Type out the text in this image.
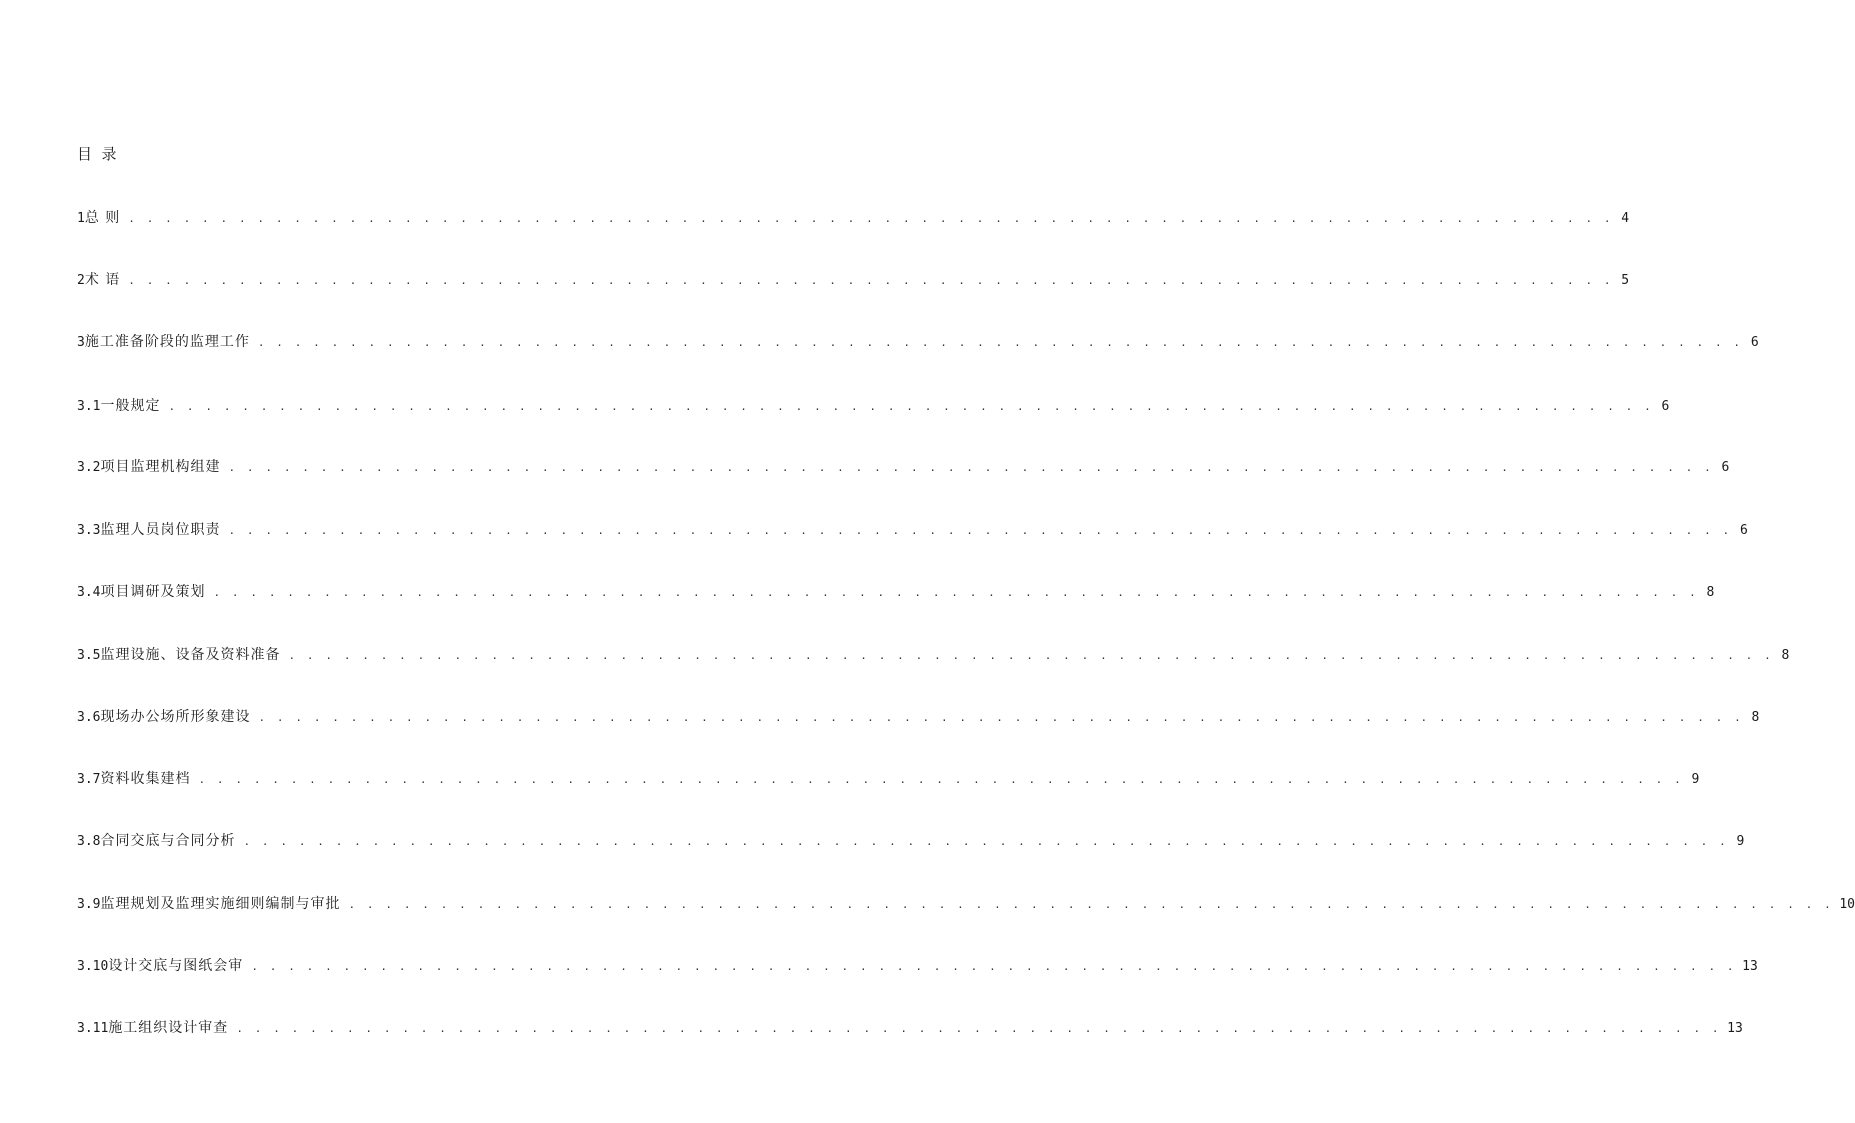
目  录
1 总 则 . . . . . . . . . . . . . . . . . . . . . . . . . . . . . . . . . . . . . . . . . . . . . . . . . . . . . . . . . . . . . . . . . . . . . . . . . . . . . . . . . 4
2 术 语 . . . . . . . . . . . . . . . . . . . . . . . . . . . . . . . . . . . . . . . . . . . . . . . . . . . . . . . . . . . . . . . . . . . . . . . . . . . . . . . . . 5
3 施工准备阶段的监理工作 . . . . . . . . . . . . . . . . . . . . . . . . . . . . . . . . . . . . . . . . . . . . . . . . . . . . . . . . . . . . . . . . . . . . . . . . . . . . . . . . . 6
3.1 一般规定 . . . . . . . . . . . . . . . . . . . . . . . . . . . . . . . . . . . . . . . . . . . . . . . . . . . . . . . . . . . . . . . . . . . . . . . . . . . . . . . . . 6
3.2 项目监理机构组建 . . . . . . . . . . . . . . . . . . . . . . . . . . . . . . . . . . . . . . . . . . . . . . . . . . . . . . . . . . . . . . . . . . . . . . . . . . . . . . . . . 6
3.3 监理人员岗位职责 . . . . . . . . . . . . . . . . . . . . . . . . . . . . . . . . . . . . . . . . . . . . . . . . . . . . . . . . . . . . . . . . . . . . . . . . . . . . . . . . . . 6
3.4 项目调研及策划 . . . . . . . . . . . . . . . . . . . . . . . . . . . . . . . . . . . . . . . . . . . . . . . . . . . . . . . . . . . . . . . . . . . . . . . . . . . . . . . . . 8
3.5 监理设施、设备及资料准备 . . . . . . . . . . . . . . . . . . . . . . . . . . . . . . . . . . . . . . . . . . . . . . . . . . . . . . . . . . . . . . . . . . . . . . . . . . . . . . . . . 8
3.6 现场办公场所形象建设 . . . . . . . . . . . . . . . . . . . . . . . . . . . . . . . . . . . . . . . . . . . . . . . . . . . . . . . . . . . . . . . . . . . . . . . . . . . . . . . . . 8
3.7 资料收集建档 . . . . . . . . . . . . . . . . . . . . . . . . . . . . . . . . . . . . . . . . . . . . . . . . . . . . . . . . . . . . . . . . . . . . . . . . . . . . . . . . . 9
3.8 合同交底与合同分析 . . . . . . . . . . . . . . . . . . . . . . . . . . . . . . . . . . . . . . . . . . . . . . . . . . . . . . . . . . . . . . . . . . . . . . . . . . . . . . . . . 9
3.9 监理规划及监理实施细则编制与审批 . . . . . . . . . . . . . . . . . . . . . . . . . . . . . . . . . . . . . . . . . . . . . . . . . . . . . . . . . . . . . . . . . . . . . . . . . . . . . . . . . 10
3.10 设计交底与图纸会审 . . . . . . . . . . . . . . . . . . . . . . . . . . . . . . . . . . . . . . . . . . . . . . . . . . . . . . . . . . . . . . . . . . . . . . . . . . . . . . . . . 13
3.11 施工组织设计审查 . . . . . . . . . . . . . . . . . . . . . . . . . . . . . . . . . . . . . . . . . . . . . . . . . . . . . . . . . . . . . . . . . . . . . . . . . . . . . . . . . 13
